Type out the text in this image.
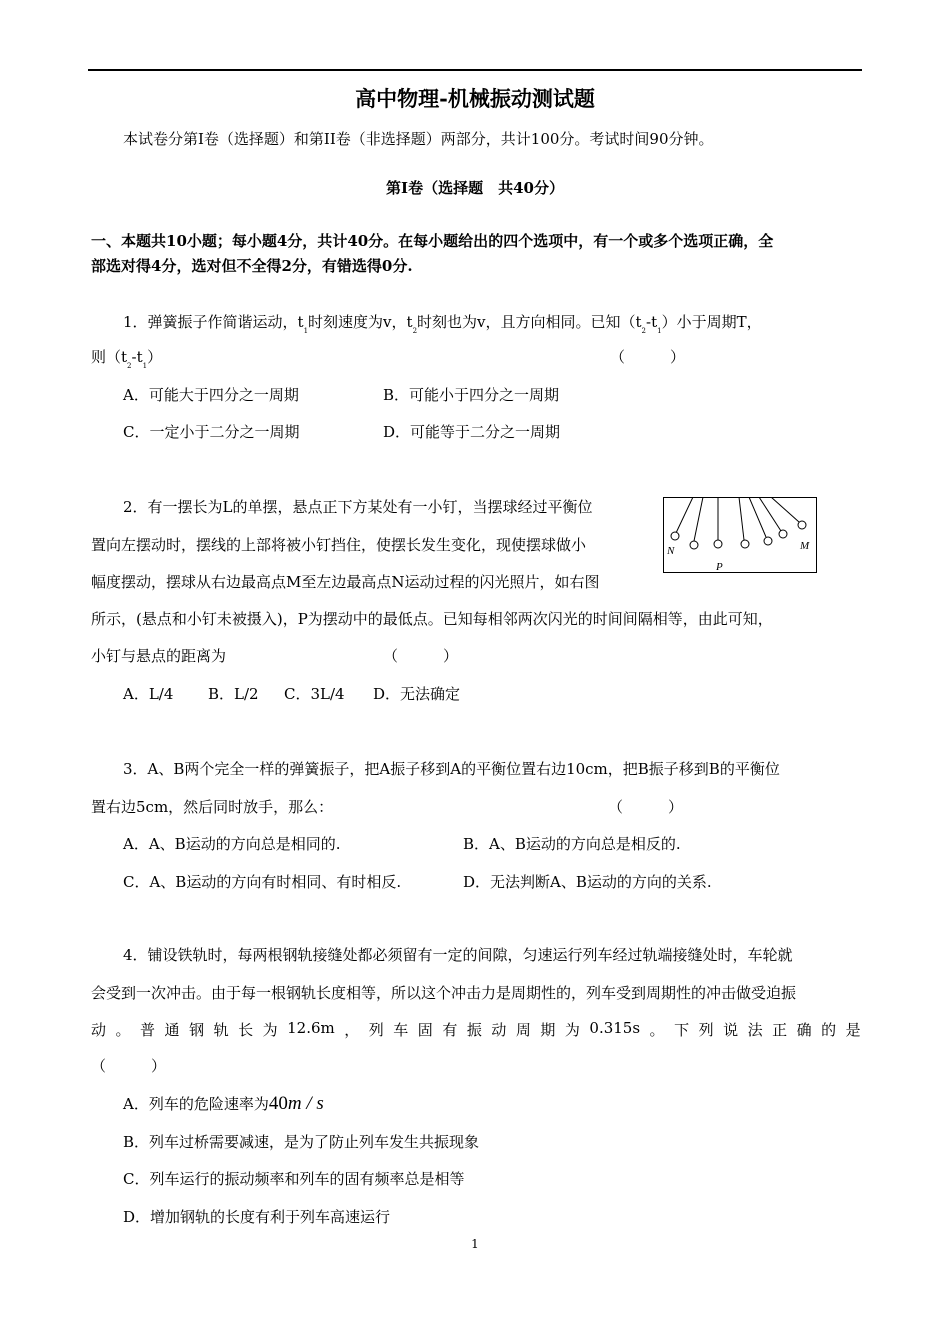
高中物理-机械振动测试题
本试卷分第Ⅰ卷（选择题）和第II卷（非选择题）两部分，共计100分。考试时间90分钟。
第Ⅰ卷（选择题　共40分）
一、本题共10小题；每小题4分，共计40分。在每小题给出的四个选项中，有一个或多个选项正确，全
部选对得4分，选对但不全得2分，有错选得0分.
1．弹簧振子作简谐运动，$t_1$时刻速度为v，$t_2$时刻也为v，且方向相同。已知$(t_2-t_1)$小于周期T，
则$(t_2-t_1)$	（　　　）
A．可能大于四分之一周期	B．可能小于四分之一周期
C．一定小于二分之一周期	D．可能等于二分之一周期
2．有一摆长为L的单摆，悬点正下方某处有一小钉，当摆球经过平衡位
置向左摆动时，摆线的上部将被小钉挡住，使摆长发生变化，现使摆球做小
幅度摆动，摆球从右边最高点M至左边最高点N运动过程的闪光照片，如右图
所示，(悬点和小钉未被摄入)，P为摆动中的最低点。已知每相邻两次闪光的时间间隔相等，由此可知，
小钉与悬点的距离为	（　　　）
A．L/4 B．L/2 C．3L/4 D．无法确定
N	M
P
3．A、B两个完全一样的弹簧振子，把A振子移到A的平衡位置右边10cm，把B振子移到B的平衡位
置右边5cm，然后同时放手，那么：	（　　　）
A．A、B运动的方向总是相同的.	B．A、B运动的方向总是相反的.
C．A、B运动的方向有时相同、有时相反.	D．无法判断A、B运动的方向的关系.
4．铺设铁轨时，每两根钢轨接缝处都必须留有一定的间隙，匀速运行列车经过轨端接缝处时，车轮就
会受到一次冲击。由于每一根钢轨长度相等，所以这个冲击力是周期性的，列车受到周期性的冲击做受迫振
动 。 普 通 钢 轨 长 为 12.6m ， 列 车 固 有 振 动 周 期 为 0.315s 。 下 列 说 法 正 确 的 是
（　　　）
A．列车的危险速率为40m / s
B．列车过桥需要减速，是为了防止列车发生共振现象
C．列车运行的振动频率和列车的固有频率总是相等
D．增加钢轨的长度有利于列车高速运行
1
